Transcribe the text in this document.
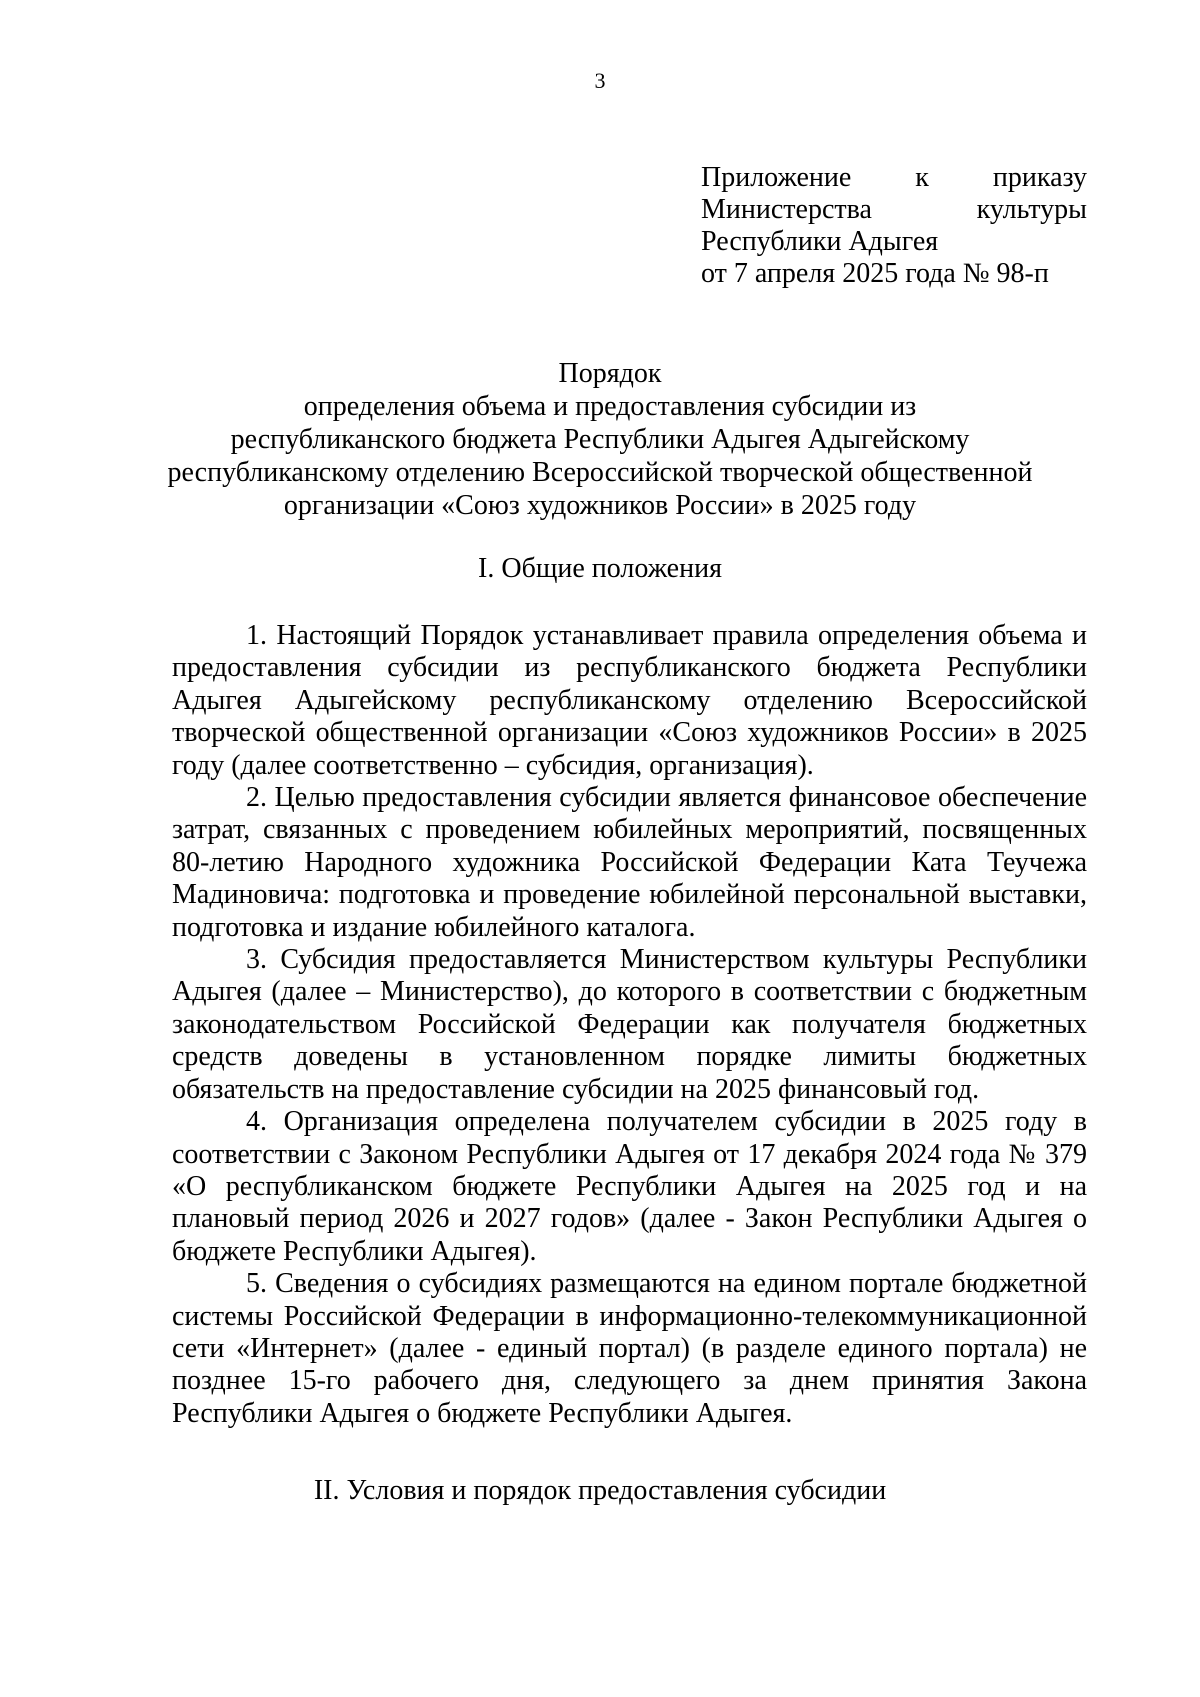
3
Приложение к приказу
Министерства	культуры
Республики Адыгея
от 7 апреля 2025 года № 98-п
Порядок
определения объема и предоставления субсидии из
республиканского бюджета Республики Адыгея Адыгейскому
республиканскому отделению Всероссийской творческой общественной
организации «Союз художников России» в 2025 году
I. Общие положения

1. Настоящий Порядок устанавливает правила определения объема и предоставления субсидии из республиканского бюджета Республики Адыгея Адыгейскому республиканскому отделению Всероссийской творческой общественной организации «Союз художников России» в 2025 году (далее соответственно – субсидия, организация).

2. Целью предоставления субсидии является финансовое обеспечение затрат, связанных с проведением юбилейных мероприятий, посвященных 80-летию Народного художника Российской Федерации Ката Теучежа Мадиновича: подготовка и проведение юбилейной персональной выставки, подготовка и издание юбилейного каталога.

3. Субсидия предоставляется Министерством культуры Республики Адыгея (далее – Министерство), до которого в соответствии с бюджетным законодательством Российской Федерации как получателя бюджетных средств доведены в установленном порядке лимиты бюджетных обязательств на предоставление субсидии на 2025 финансовый год.

4. Организация определена получателем субсидии в 2025 году в соответствии с Законом Республики Адыгея от 17 декабря 2024 года № 379 «О республиканском бюджете Республики Адыгея на 2025 год и на плановый период 2026 и 2027 годов» (далее - Закон Республики Адыгея о бюджете Республики Адыгея).

5. Сведения о субсидиях размещаются на едином портале бюджетной системы Российской Федерации в информационно-телекоммуникационной сети «Интернет» (далее - единый портал) (в разделе единого портала) не позднее 15-го рабочего дня, следующего за днем принятия Закона Республики Адыгея о бюджете Республики Адыгея.

II. Условия и порядок предоставления субсидии
